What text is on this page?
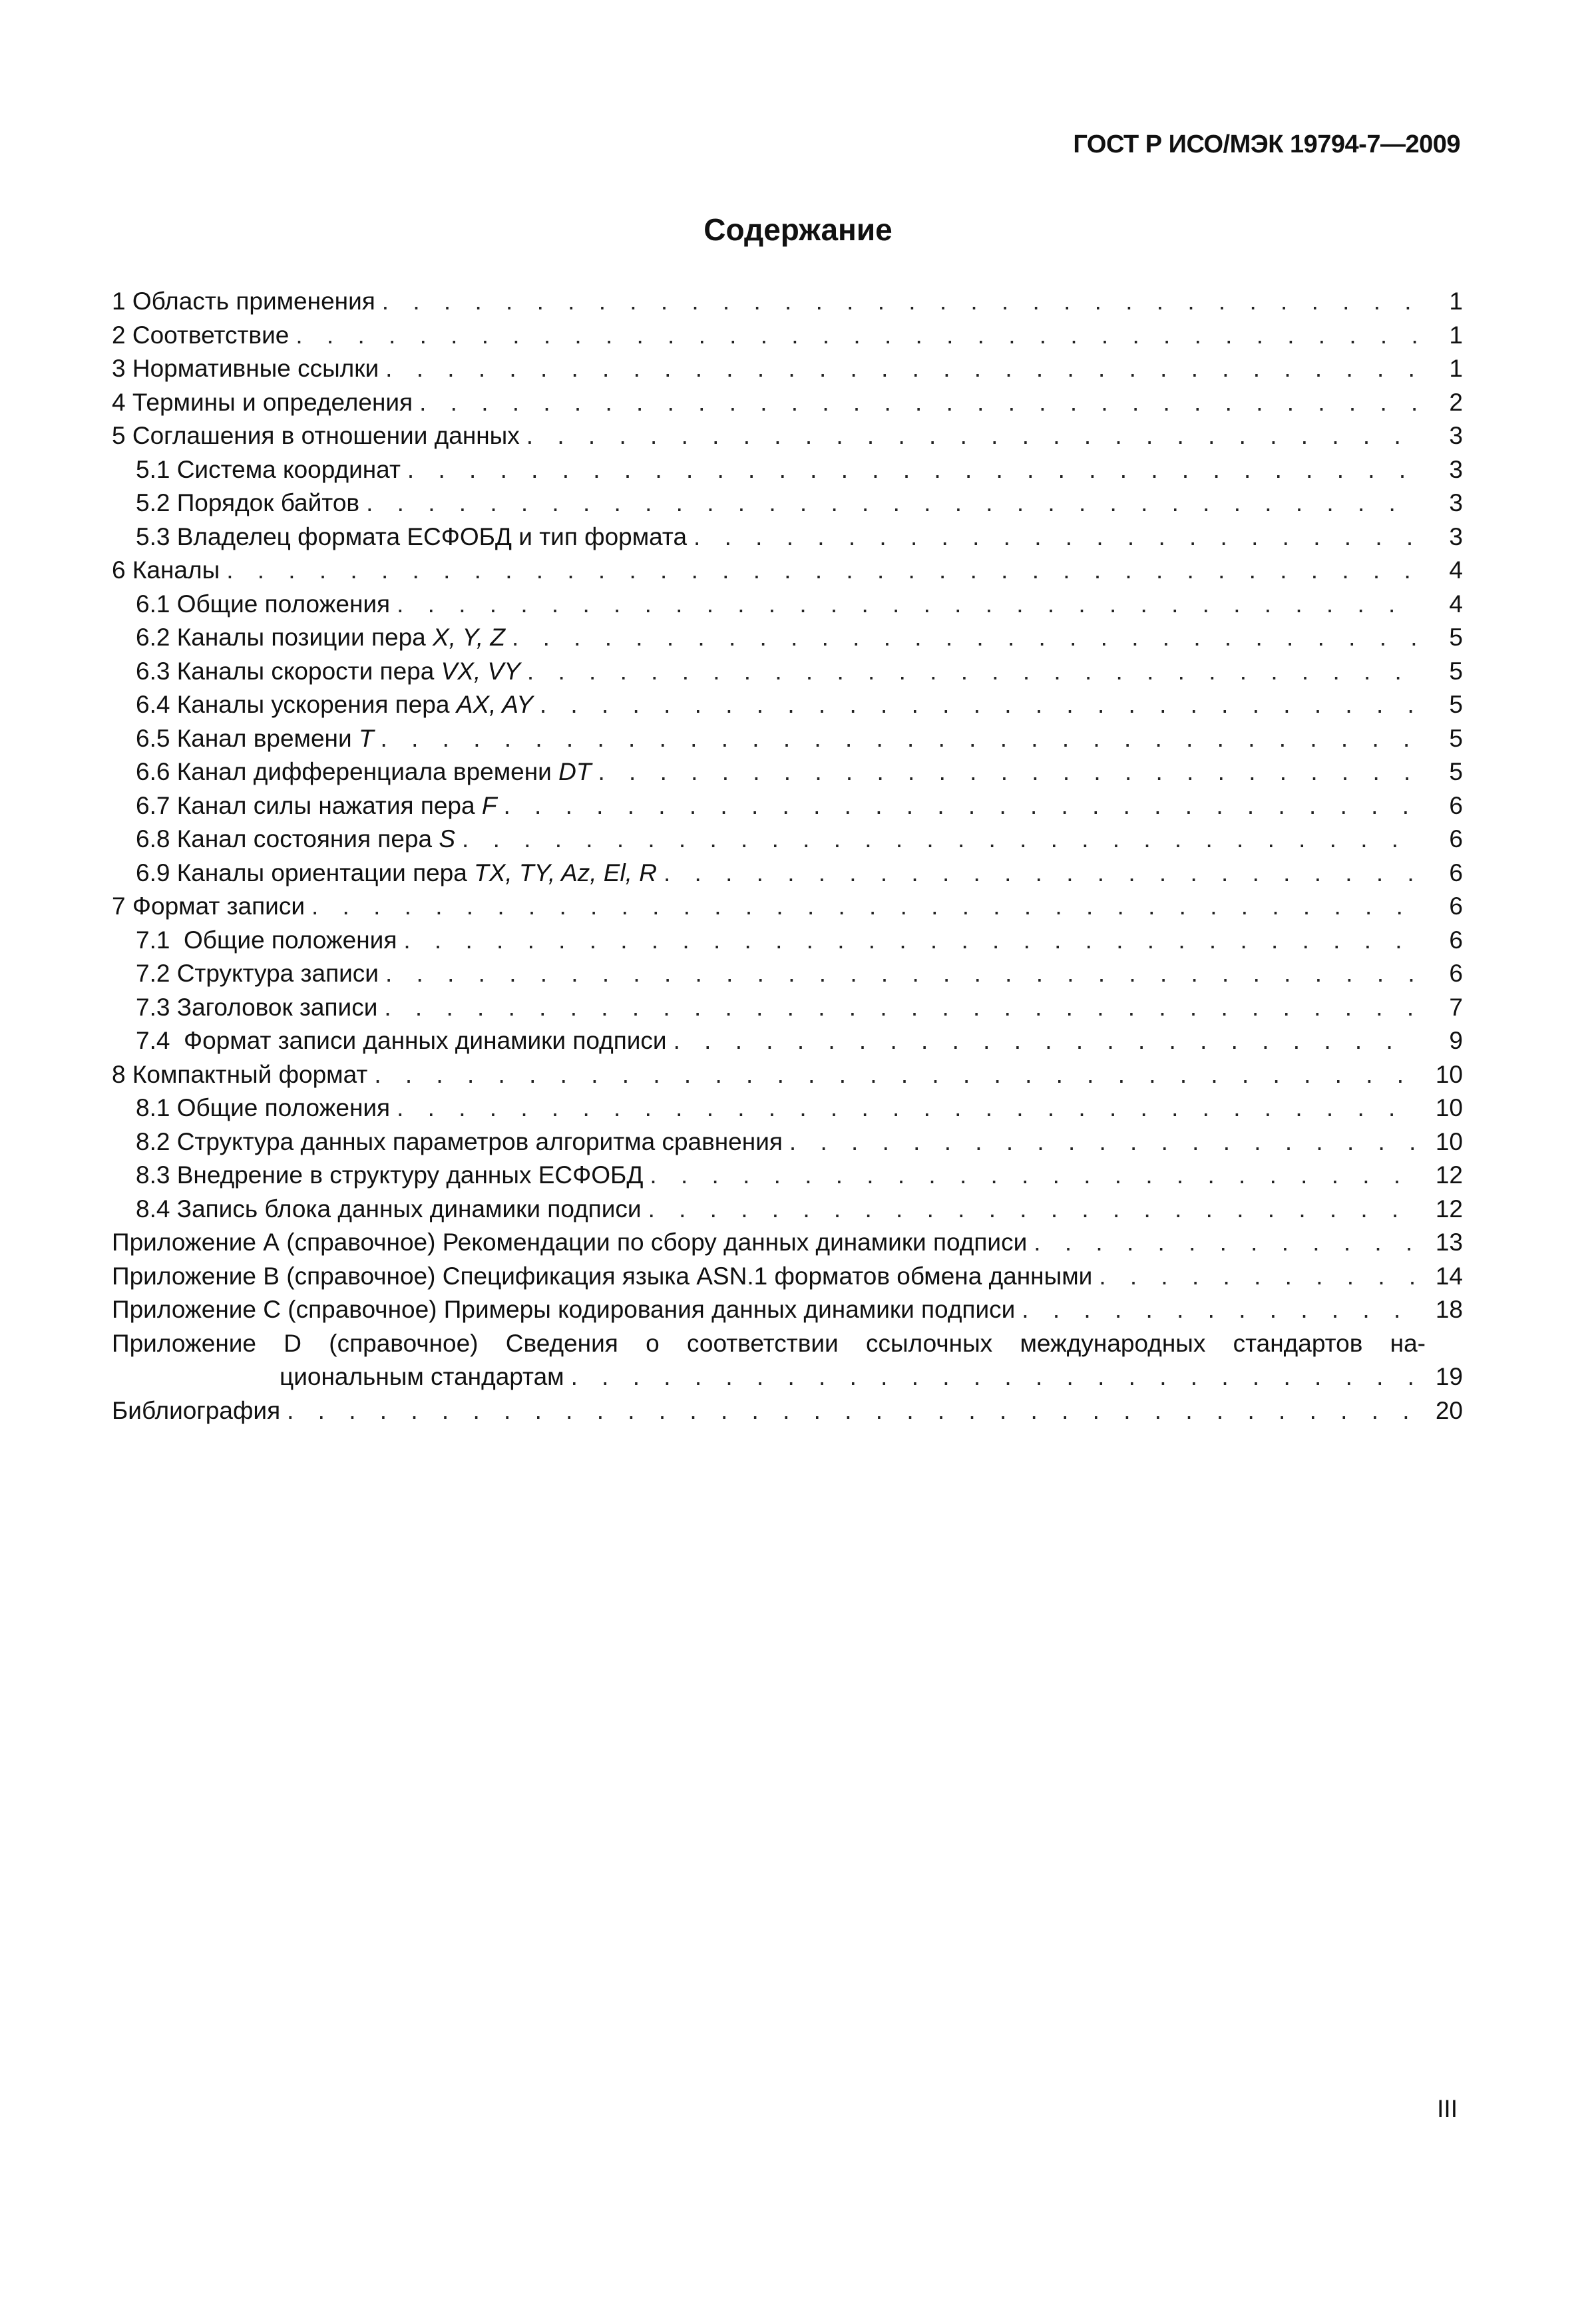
ГОСТ Р ИСО/МЭК 19794-7—2009
Содержание
1 Область применения . . .	1
2 Соответствие . . .	1
3 Нормативные ссылки . . .	1
4 Термины и определения . . .	2
5 Соглашения в отношении данных . . .	3
5.1 Система координат . . .	3
5.2 Порядок байтов . . .	3
5.3 Владелец формата ЕСФОБД и тип формата . . .	3
6 Каналы . . .	4
6.1 Общие положения . . .	4
6.2 Каналы позиции пера X, Y, Z . . .	5
6.3 Каналы скорости пера VX, VY . . .	5
6.4 Каналы ускорения пера AX, AY . . .	5
6.5 Канал времени T . . .	5
6.6 Канал дифференциала времени DT . . .	5
6.7 Канал силы нажатия пера F . . .	6
6.8 Канал состояния пера S . . .	6
6.9 Каналы ориентации пера TX, TY, Az, El, R . . .	6
7 Формат записи . . .	6
7.1  Общие положения . . .	6
7.2 Структура записи . . .	6
7.3 Заголовок записи . . .	7
7.4  Формат записи данных динамики подписи . . .	9
8 Компактный формат . . .	10
8.1 Общие положения . . .	10
8.2 Структура данных параметров алгоритма сравнения . . .	10
8.3 Внедрение в структуру данных ЕСФОБД . . .	12
8.4 Запись блока данных динамики подписи . . .	12
Приложение А (справочное) Рекомендации по сбору данных динамики подписи . . .	13
Приложение В (справочное) Спецификация языка ASN.1 форматов обмена данными . . .	14
Приложение С (справочное) Примеры кодирования данных динамики подписи . . .	18
Приложение D (справочное) Сведения о соответствии ссылочных международных стандартов на-
циональным стандартам . . .	19
Библиография . . .	20
III
